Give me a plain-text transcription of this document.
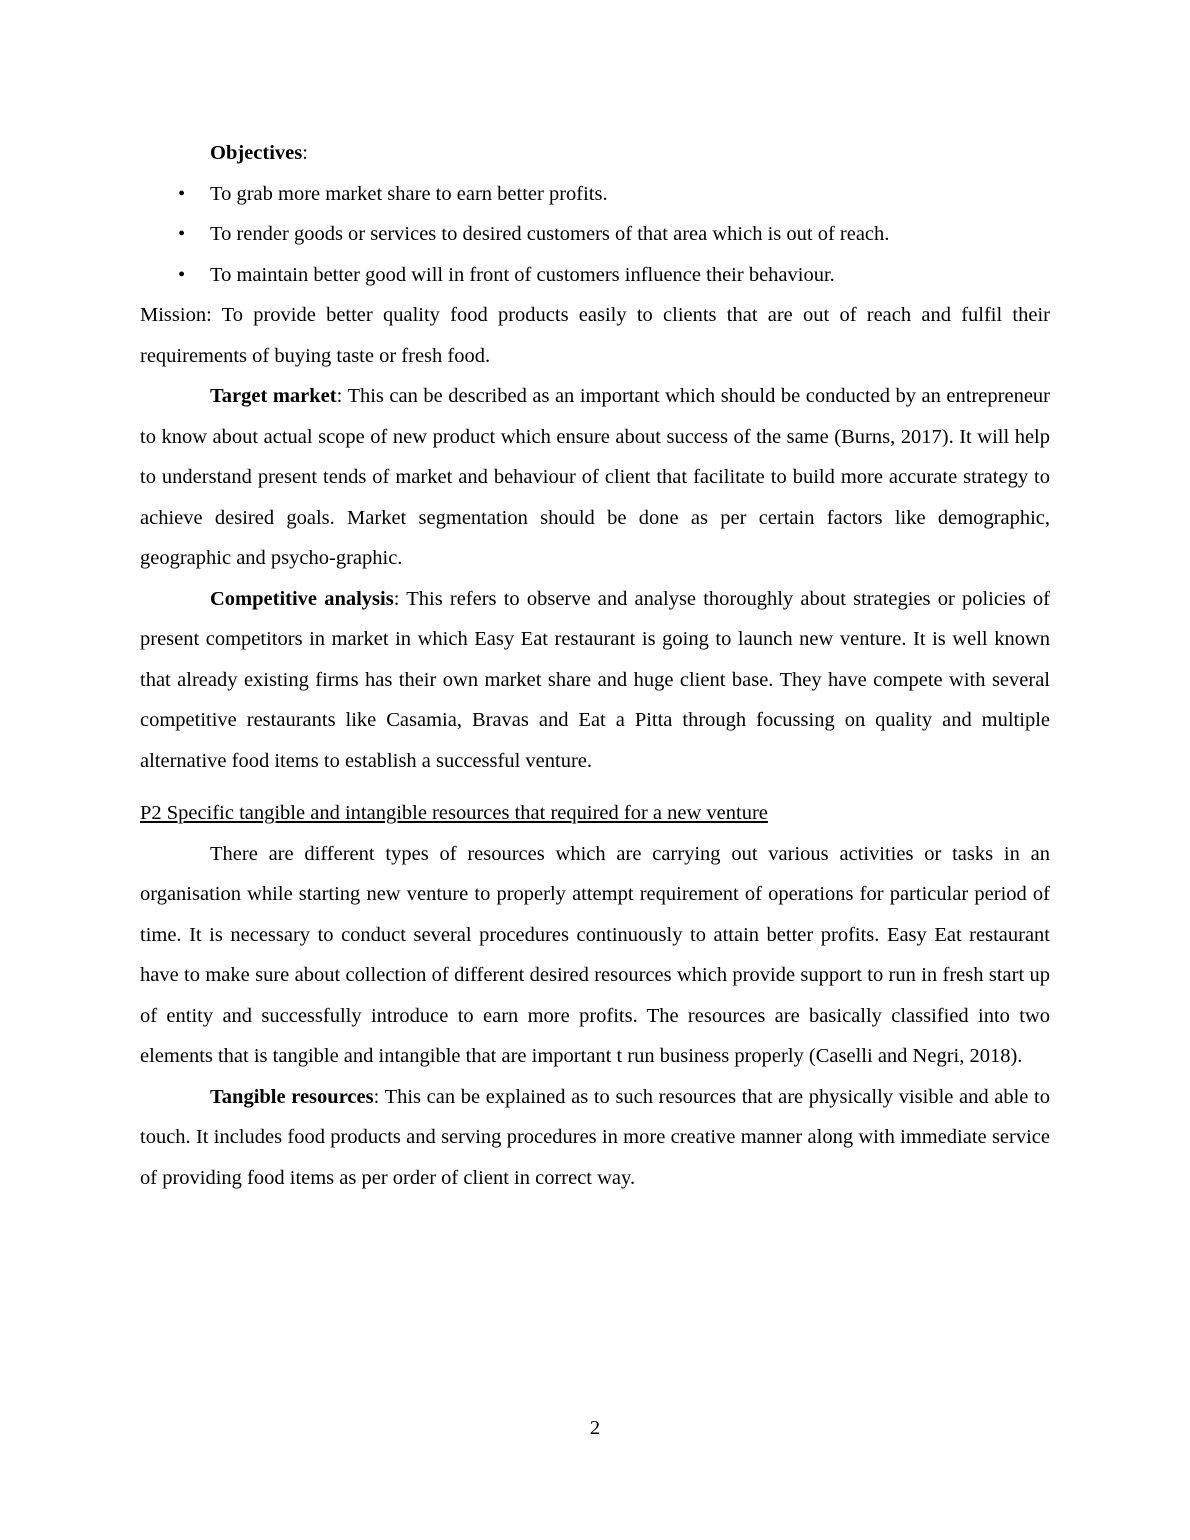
Objectives:

• To grab more market share to earn better profits.
• To render goods or services to desired customers of that area which is out of reach.
• To maintain better good will in front of customers influence their behaviour.

Mission: To provide better quality food products easily to clients that are out of reach and fulfil their requirements of buying taste or fresh food.

Target market: This can be described as an important which should be conducted by an entrepreneur to know about actual scope of new product which ensure about success of the same (Burns, 2017). It will help to understand present tends of market and behaviour of client that facilitate to build more accurate strategy to achieve desired goals. Market segmentation should be done as per certain factors like demographic, geographic and psycho-graphic.

Competitive analysis: This refers to observe and analyse thoroughly about strategies or policies of present competitors in market in which Easy Eat restaurant is going to launch new venture. It is well known that already existing firms has their own market share and huge client base. They have compete with several competitive restaurants like Casamia, Bravas and Eat a Pitta through focussing on quality and multiple alternative food items to establish a successful venture.

P2 Specific tangible and intangible resources that required for a new venture

There are different types of resources which are carrying out various activities or tasks in an organisation while starting new venture to properly attempt requirement of operations for particular period of time. It is necessary to conduct several procedures continuously to attain better profits. Easy Eat restaurant have to make sure about collection of different desired resources which provide support to run in fresh start up of entity and successfully introduce to earn more profits. The resources are basically classified into two elements that is tangible and intangible that are important t run business properly (Caselli and Negri, 2018).

Tangible resources: This can be explained as to such resources that are physically visible and able to touch. It includes food products and serving procedures in more creative manner along with immediate service of providing food items as per order of client in correct way.

2
